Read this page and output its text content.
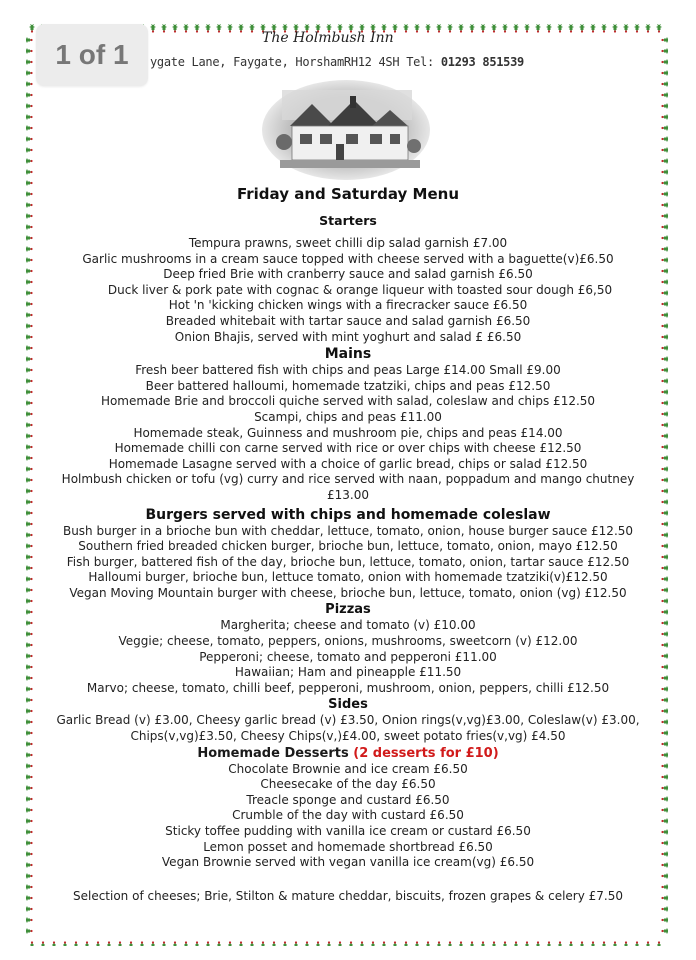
The Holmbush Inn
ygate Lane, Faygate, HorshamRH12 4SH Tel: 01293 851539
1 of 1
Friday and Saturday Menu
Starters
Tempura prawns, sweet chilli dip salad garnish £7.00
Garlic mushrooms in a cream sauce topped with cheese served with a baguette(v)£6.50
Deep fried Brie with cranberry sauce and salad garnish £6.50
Duck liver & pork pate with cognac & orange liqueur with toasted sour dough £6,50
Hot 'n 'kicking chicken wings with a firecracker sauce £6.50
Breaded whitebait with tartar sauce and salad garnish £6.50
Onion Bhajis, served with mint yoghurt and salad £ £6.50
Mains
Fresh beer battered fish with chips and peas Large £14.00 Small £9.00
Beer battered halloumi, homemade tzatziki, chips and peas £12.50
Homemade Brie and broccoli quiche served with salad, coleslaw and chips £12.50
Scampi, chips and peas £11.00
Homemade steak, Guinness and mushroom pie, chips and peas £14.00
Homemade chilli con carne served with rice or over chips with cheese £12.50
Homemade Lasagne served with a choice of garlic bread, chips or salad £12.50
Holmbush chicken or tofu (vg) curry and rice served with naan, poppadum and mango chutney £13.00
Burgers served with chips and homemade coleslaw
Bush burger in a brioche bun with cheddar, lettuce, tomato, onion, house burger sauce £12.50
Southern fried breaded chicken burger, brioche bun, lettuce, tomato, onion, mayo £12.50
Fish burger, battered fish of the day, brioche bun, lettuce, tomato, onion, tartar sauce £12.50
Halloumi burger, brioche bun, lettuce tomato, onion with homemade tzatziki(v)£12.50
Vegan Moving Mountain burger with cheese, brioche bun, lettuce, tomato, onion (vg) £12.50
Pizzas
Margherita; cheese and tomato (v) £10.00
Veggie; cheese, tomato, peppers, onions, mushrooms, sweetcorn (v) £12.00
Pepperoni; cheese, tomato and pepperoni £11.00
Hawaiian; Ham and pineapple £11.50
Marvo; cheese, tomato, chilli beef, pepperoni, mushroom, onion, peppers, chilli £12.50
Sides
Garlic Bread (v) £3.00, Cheesy garlic bread (v) £3.50, Onion rings(v,vg)£3.00, Coleslaw(v) £3.00,
Chips(v,vg)£3.50, Cheesy Chips(v,)£4.00, sweet potato fries(v,vg) £4.50
Homemade Desserts (2 desserts for £10)
Chocolate Brownie and ice cream £6.50
Cheesecake of the day £6.50
Treacle sponge and custard £6.50
Crumble of the day with custard £6.50
Sticky toffee pudding with vanilla ice cream or custard £6.50
Lemon posset and homemade shortbread £6.50
Vegan Brownie served with vegan vanilla ice cream(vg) £6.50
Selection of cheeses; Brie, Stilton & mature cheddar, biscuits, frozen grapes & celery £7.50
